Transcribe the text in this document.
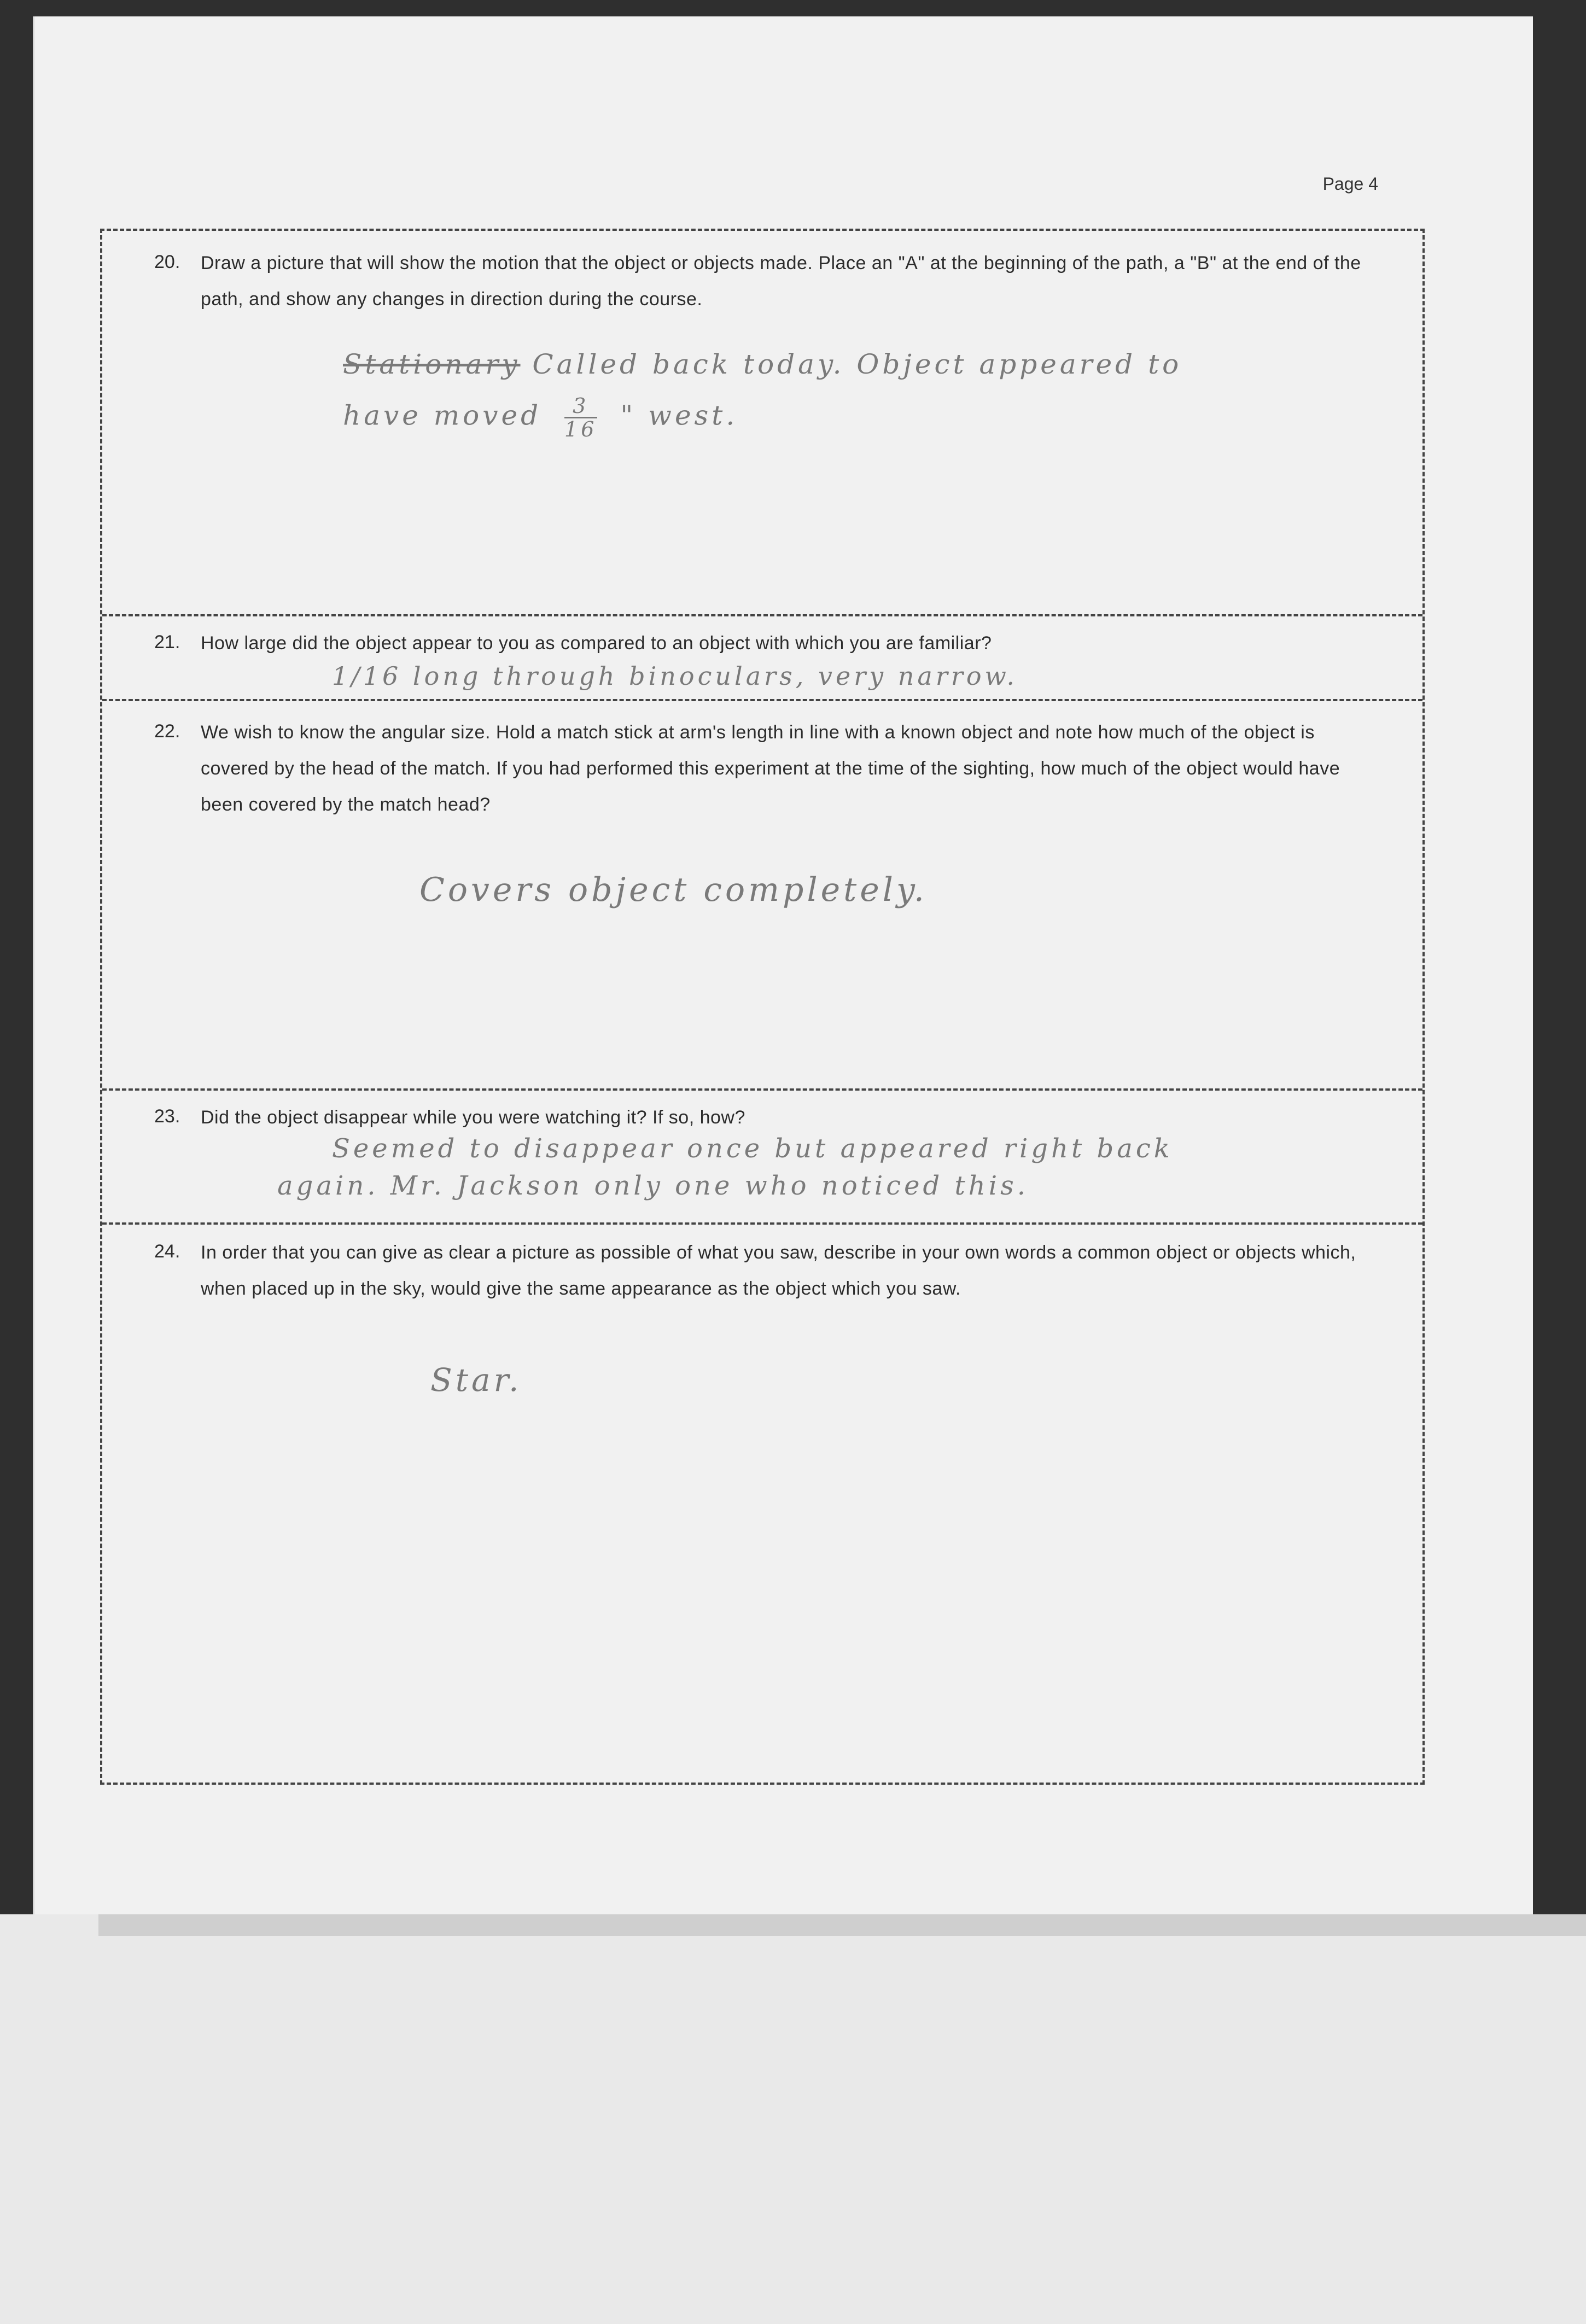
Page 4
20. Draw a picture that will show the motion that the object or objects made. Place an "A" at the beginning of the path, a "B" at the end of the path, and show any changes in direction during the course.
Stationary Called back today. Object appeared to
have moved $\frac{3}{16}$ " west.
21. How large did the object appear to you as compared to an object with which you are familiar?
1/16 long through binoculars, very narrow.
22. We wish to know the angular size. Hold a match stick at arm's length in line with a known object and note how much of the object is covered by the head of the match. If you had performed this experiment at the time of the sighting, how much of the object would have been covered by the match head?
Covers object completely.
23. Did the object disappear while you were watching it? If so, how?
Seemed to disappear once but appeared right back
again. Mr. Jackson only one who noticed this.
24. In order that you can give as clear a picture as possible of what you saw, describe in your own words a common object or objects which, when placed up in the sky, would give the same appearance as the object which you saw.
Star.
